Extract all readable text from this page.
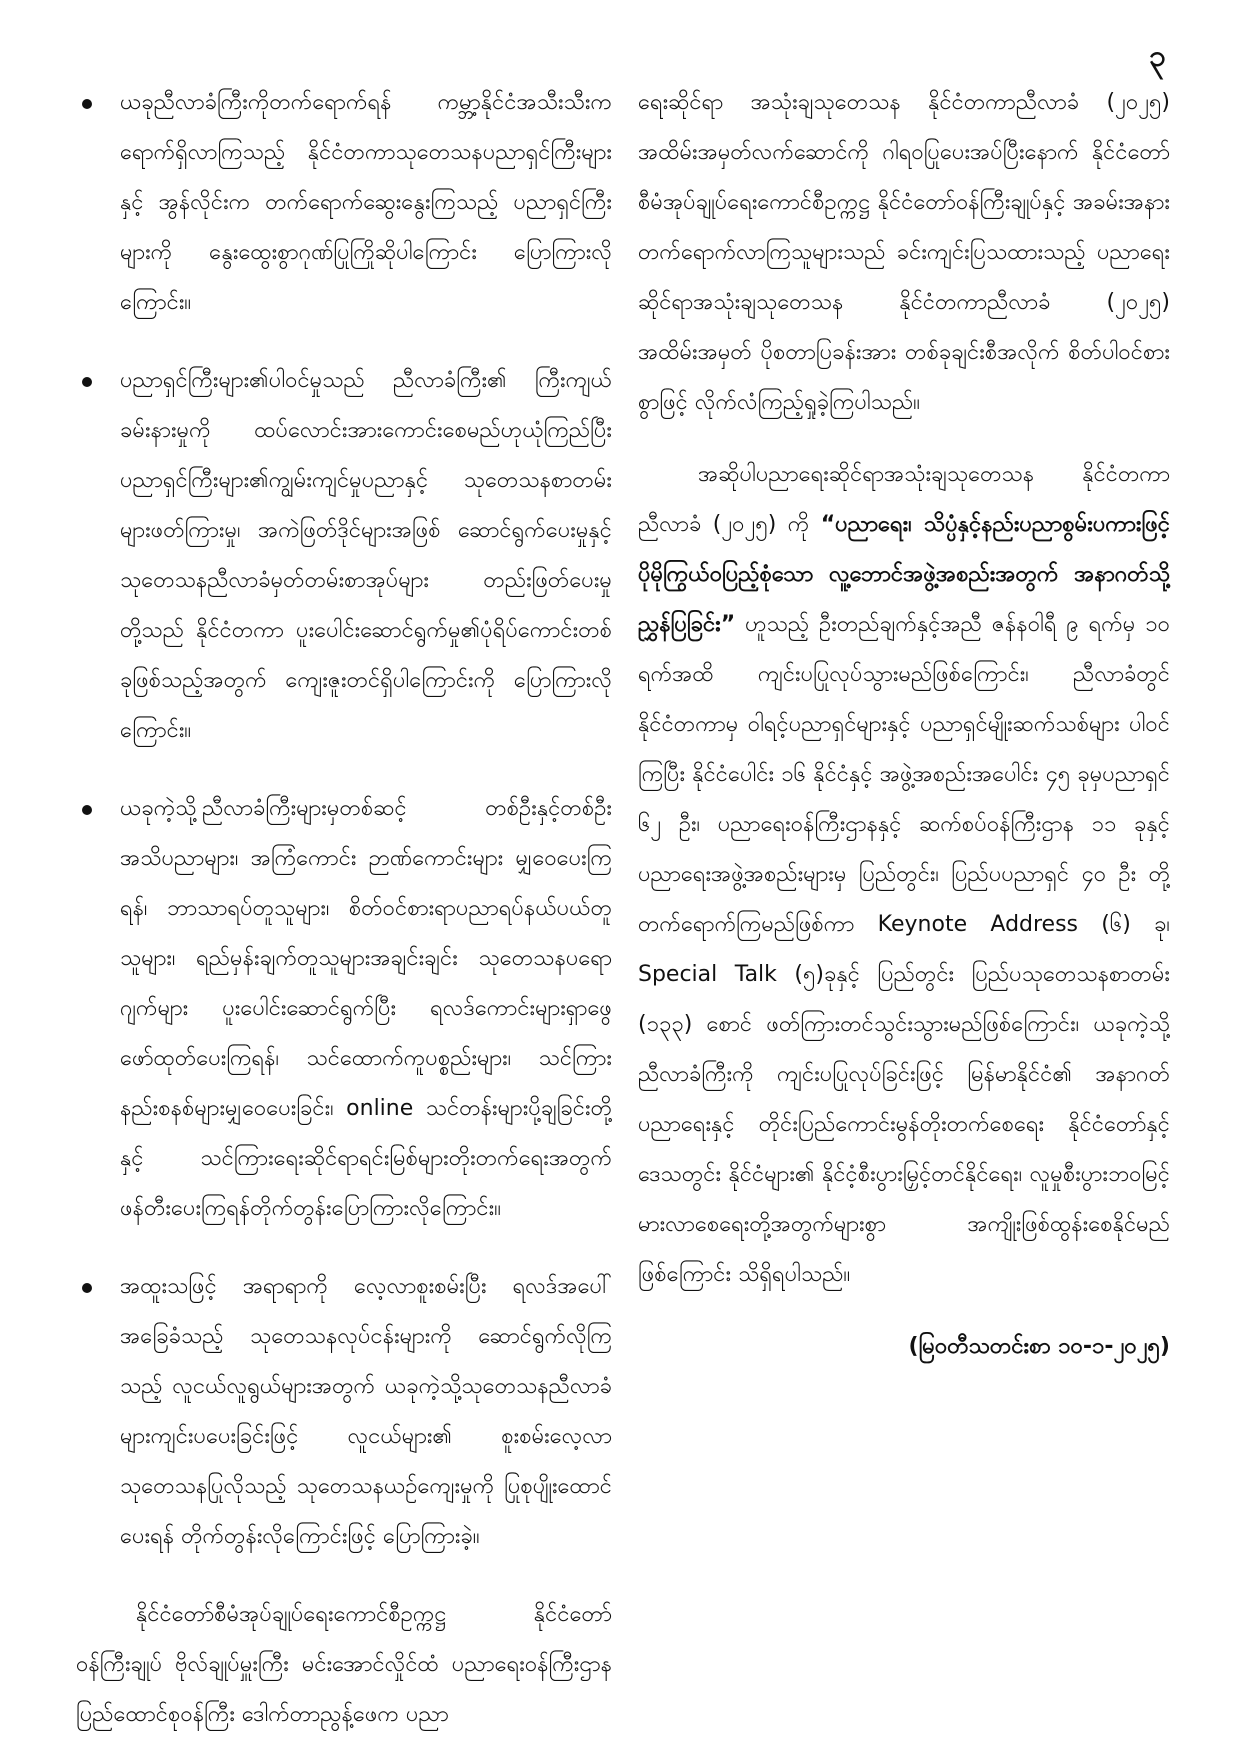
၃
ယခုညီလာခံကြီးကိုတက်ရောက်ရန် ကမ္ဘာ့နိုင်ငံအသီးသီးက ရောက်ရှိလာကြသည့် နိုင်ငံတကာသုတေသနပညာရှင်ကြီးများနှင့် အွန်လိုင်းက တက်ရောက်ဆွေးနွေးကြသည့် ပညာရှင်ကြီးများကို နွေးထွေးစွာဂုဏ်ပြုကြိုဆိုပါကြောင်း ပြောကြားလိုကြောင်း။
ပညာရှင်ကြီးများ၏ပါဝင်မှုသည် ညီလာခံကြီး၏ ကြီးကျယ်ခမ်းနားမှုကို ထပ်လောင်းအားကောင်းစေမည်ဟုယုံကြည်ပြီး ပညာရှင်ကြီးများ၏ကျွမ်းကျင်မှုပညာနှင့် သုတေသနစာတမ်းများဖတ်ကြားမှု၊ အကဲဖြတ်ဒိုင်များအဖြစ် ဆောင်ရွက်ပေးမှုနှင့် သုတေသနညီလာခံမှတ်တမ်းစာအုပ်များ တည်းဖြတ်ပေးမှုတို့သည် နိုင်ငံတကာ ပူးပေါင်းဆောင်ရွက်မှု၏ပုံရိပ်ကောင်းတစ်ခုဖြစ်သည့်အတွက် ကျေးဇူးတင်ရှိပါကြောင်းကို ပြောကြားလိုကြောင်း။
ယခုကဲ့သို့ညီလာခံကြီးများမှတစ်ဆင့် တစ်ဦးနှင့်တစ်ဦး အသိပညာများ၊ အကြံကောင်း ဉာဏ်ကောင်းများ မျှဝေပေးကြရန်၊ ဘာသာရပ်တူသူများ၊ စိတ်ဝင်စားရာပညာရပ်နယ်ပယ်တူသူများ၊ ရည်မှန်းချက်တူသူများအချင်းချင်း သုတေသနပရောဂျက်များ ပူးပေါင်းဆောင်ရွက်ပြီး ရလဒ်ကောင်းများရှာဖွေဖော်ထုတ်ပေးကြရန်၊ သင်ထောက်ကူပစ္စည်းများ၊ သင်ကြားနည်းစနစ်များမျှဝေပေးခြင်း၊ online သင်တန်းများပို့ချခြင်းတို့နှင့် သင်ကြားရေးဆိုင်ရာရင်းမြစ်များတိုးတက်ရေးအတွက် ဖန်တီးပေးကြရန်တိုက်တွန်းပြောကြားလိုကြောင်း။
အထူးသဖြင့် အရာရာကို လေ့လာစူးစမ်းပြီး ရလဒ်အပေါ်အခြေခံသည့် သုတေသနလုပ်ငန်းများကို ဆောင်ရွက်လိုကြသည့် လူငယ်လူရွယ်များအတွက် ယခုကဲ့သို့သုတေသနညီလာခံများကျင်းပပေးခြင်းဖြင့် လူငယ်များ၏ စူးစမ်းလေ့လာသုတေသနပြုလိုသည့် သုတေသနယဉ်ကျေးမှုကို ပြုစုပျိုးထောင်ပေးရန် တိုက်တွန်းလိုကြောင်းဖြင့် ပြောကြားခဲ့။

နိုင်ငံတော်စီမံအုပ်ချုပ်ရေးကောင်စီဥက္ကဋ္ဌ နိုင်ငံတော်ဝန်ကြီးချုပ် ဗိုလ်ချုပ်မှူးကြီး မင်းအောင်လှိုင်ထံ ပညာရေးဝန်ကြီးဌာန ပြည်ထောင်စုဝန်ကြီး ဒေါက်တာညွန့်ဖေက ပညာ

ရေးဆိုင်ရာ အသုံးချသုတေသန နိုင်ငံတကာညီလာခံ (၂၀၂၅) အထိမ်းအမှတ်လက်ဆောင်ကို ဂါရဝပြုပေးအပ်ပြီးနောက် နိုင်ငံတော်စီမံအုပ်ချုပ်ရေးကောင်စီဥက္ကဋ္ဌ နိုင်ငံတော်ဝန်ကြီးချုပ်နှင့် အခမ်းအနားတက်ရောက်လာကြသူများသည် ခင်းကျင်းပြသထားသည့် ပညာရေးဆိုင်ရာအသုံးချသုတေသန နိုင်ငံတကာညီလာခံ (၂၀၂၅) အထိမ်းအမှတ် ပိုစတာပြခန်းအား တစ်ခုချင်းစီအလိုက် စိတ်ပါဝင်စားစွာဖြင့် လိုက်လံကြည့်ရှုခဲ့ကြပါသည်။

အဆိုပါပညာရေးဆိုင်ရာအသုံးချသုတေသန နိုင်ငံတကာညီလာခံ (၂၀၂၅) ကို “ပညာရေး၊ သိပ္ပံနှင့်နည်းပညာစွမ်းပကားဖြင့် ပိုမိုကြွယ်ဝပြည့်စုံသော လူ့ဘောင်အဖွဲ့အစည်းအတွက် အနာဂတ်သို့ ညွှန်ပြခြင်း” ဟူသည့် ဦးတည်ချက်နှင့်အညီ ဇန်နဝါရီ ၉ ရက်မှ ၁၀ ရက်အထိ ကျင်းပပြုလုပ်သွားမည်ဖြစ်ကြောင်း၊ ညီလာခံတွင် နိုင်ငံတကာမှ ဝါရင့်ပညာရှင်များနှင့် ပညာရှင်မျိုးဆက်သစ်များ ပါဝင်ကြပြီး နိုင်ငံပေါင်း ၁၆ နိုင်ငံနှင့် အဖွဲ့အစည်းအပေါင်း ၄၅ ခုမှပညာရှင် ၆၂ ဦး၊ ပညာရေးဝန်ကြီးဌာနနှင့် ဆက်စပ်ဝန်ကြီးဌာန ၁၁ ခုနှင့် ပညာရေးအဖွဲ့အစည်းများမှ ပြည်တွင်း၊ ပြည်ပပညာရှင် ၄၀ ဦး တို့တက်ရောက်ကြမည်ဖြစ်ကာ Keynote Address (၆) ခု၊ Special Talk (၅)ခုနှင့် ပြည်တွင်း ပြည်ပသုတေသနစာတမ်း (၁၃၃) စောင် ဖတ်ကြားတင်သွင်းသွားမည်ဖြစ်ကြောင်း၊ ယခုကဲ့သို့ညီလာခံကြီးကို ကျင်းပပြုလုပ်ခြင်းဖြင့် မြန်မာနိုင်ငံ၏ အနာဂတ်ပညာရေးနှင့် တိုင်းပြည်ကောင်းမွန်တိုးတက်စေရေး နိုင်ငံတော်နှင့်ဒေသတွင်း နိုင်ငံများ၏ နိုင်ငံ့စီးပွားမြှင့်တင်နိုင်ရေး၊ လူမှုစီးပွားဘဝမြင့်မားလာစေရေးတို့အတွက်များစွာ အကျိုးဖြစ်ထွန်းစေနိုင်မည်ဖြစ်ကြောင်း သိရှိရပါသည်။

(မြဝတီသတင်းစာ ၁၀-၁-၂၀၂၅)
